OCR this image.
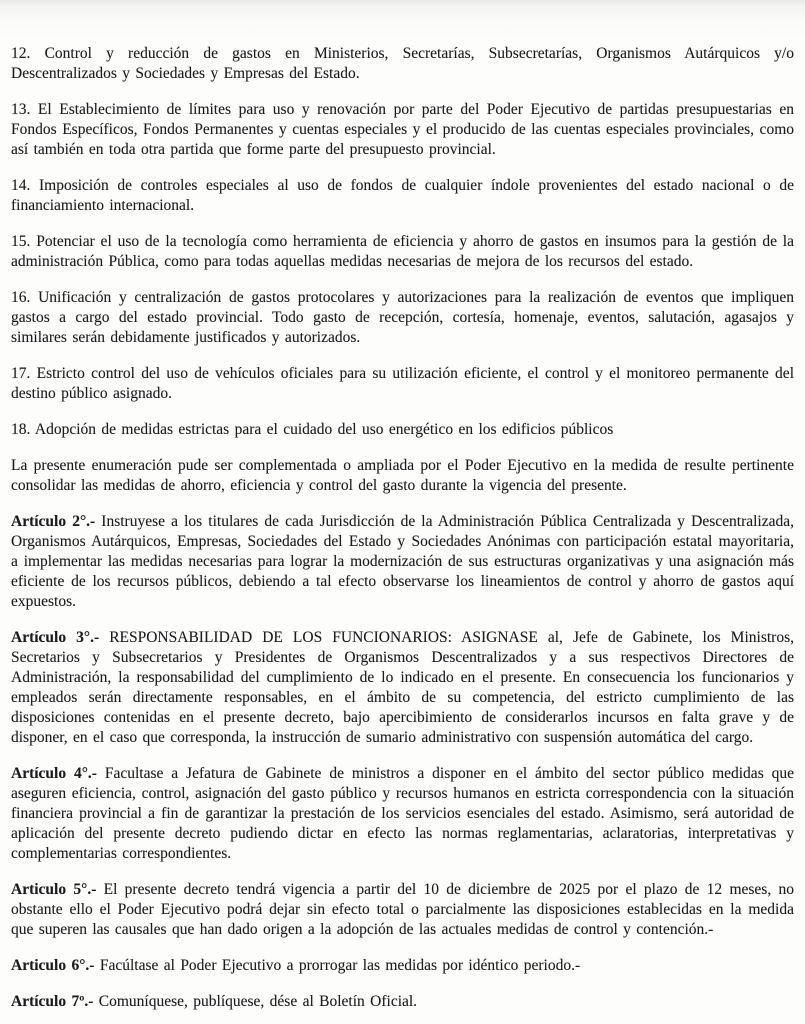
12. Control y reducción de gastos en Ministerios, Secretarías, Subsecretarías, Organismos Autárquicos y/o Descentralizados y Sociedades y Empresas del Estado.

13. El Establecimiento de límites para uso y renovación por parte del Poder Ejecutivo de partidas presupuestarias en Fondos Específicos, Fondos Permanentes y cuentas especiales y el producido de las cuentas especiales provinciales, como así también en toda otra partida que forme parte del presupuesto provincial.

14. Imposición de controles especiales al uso de fondos de cualquier índole provenientes del estado nacional o de financiamiento internacional.

15. Potenciar el uso de la tecnología como herramienta de eficiencia y ahorro de gastos en insumos para la gestión de la administración Pública, como para todas aquellas medidas necesarias de mejora de los recursos del estado.

16. Unificación y centralización de gastos protocolares y autorizaciones para la realización de eventos que impliquen gastos a cargo del estado provincial. Todo gasto de recepción, cortesía, homenaje, eventos, salutación, agasajos y similares serán debidamente justificados y autorizados.

17. Estricto control del uso de vehículos oficiales para su utilización eficiente, el control y el monitoreo permanente del destino público asignado.

18. Adopción de medidas estrictas para el cuidado del uso energético en los edificios públicos

La presente enumeración pude ser complementada o ampliada por el Poder Ejecutivo en la medida de resulte pertinente consolidar las medidas de ahorro, eficiencia y control del gasto durante la vigencia del presente.

Artículo 2°.- Instruyese a los titulares de cada Jurisdicción de la Administración Pública Centralizada y Descentralizada, Organismos Autárquicos, Empresas, Sociedades del Estado y Sociedades Anónimas con participación estatal mayoritaria, a implementar las medidas necesarias para lograr la modernización de sus estructuras organizativas y una asignación más eficiente de los recursos públicos, debiendo a tal efecto observarse los lineamientos de control y ahorro de gastos aquí expuestos.

Artículo 3°.- RESPONSABILIDAD DE LOS FUNCIONARIOS: ASIGNASE al, Jefe de Gabinete, los Ministros, Secretarios y Subsecretarios y Presidentes de Organismos Descentralizados y a sus respectivos Directores de Administración, la responsabilidad del cumplimiento de lo indicado en el presente. En consecuencia los funcionarios y empleados serán directamente responsables, en el ámbito de su competencia, del estricto cumplimiento de las disposiciones contenidas en el presente decreto, bajo apercibimiento de considerarlos incursos en falta grave y de disponer, en el caso que corresponda, la instrucción de sumario administrativo con suspensión automática del cargo.

Artículo 4°.- Facultase a Jefatura de Gabinete de ministros a disponer en el ámbito del sector público medidas que aseguren eficiencia, control, asignación del gasto público y recursos humanos en estricta correspondencia con la situación financiera provincial a fin de garantizar la prestación de los servicios esenciales del estado. Asimismo, será autoridad de aplicación del presente decreto pudiendo dictar en efecto las normas reglamentarias, aclaratorias, interpretativas y complementarias correspondientes.

Articulo 5°.- El presente decreto tendrá vigencia a partir del 10 de diciembre de 2025 por el plazo de 12 meses, no obstante ello el Poder Ejecutivo podrá dejar sin efecto total o parcialmente las disposiciones establecidas en la medida que superen las causales que han dado origen a la adopción de las actuales medidas de control y contención.-

Articulo 6°.- Facúltase al Poder Ejecutivo a prorrogar las medidas por idéntico periodo.-

Artículo 7º.- Comuníquese, publíquese, dése al Boletín Oficial.
